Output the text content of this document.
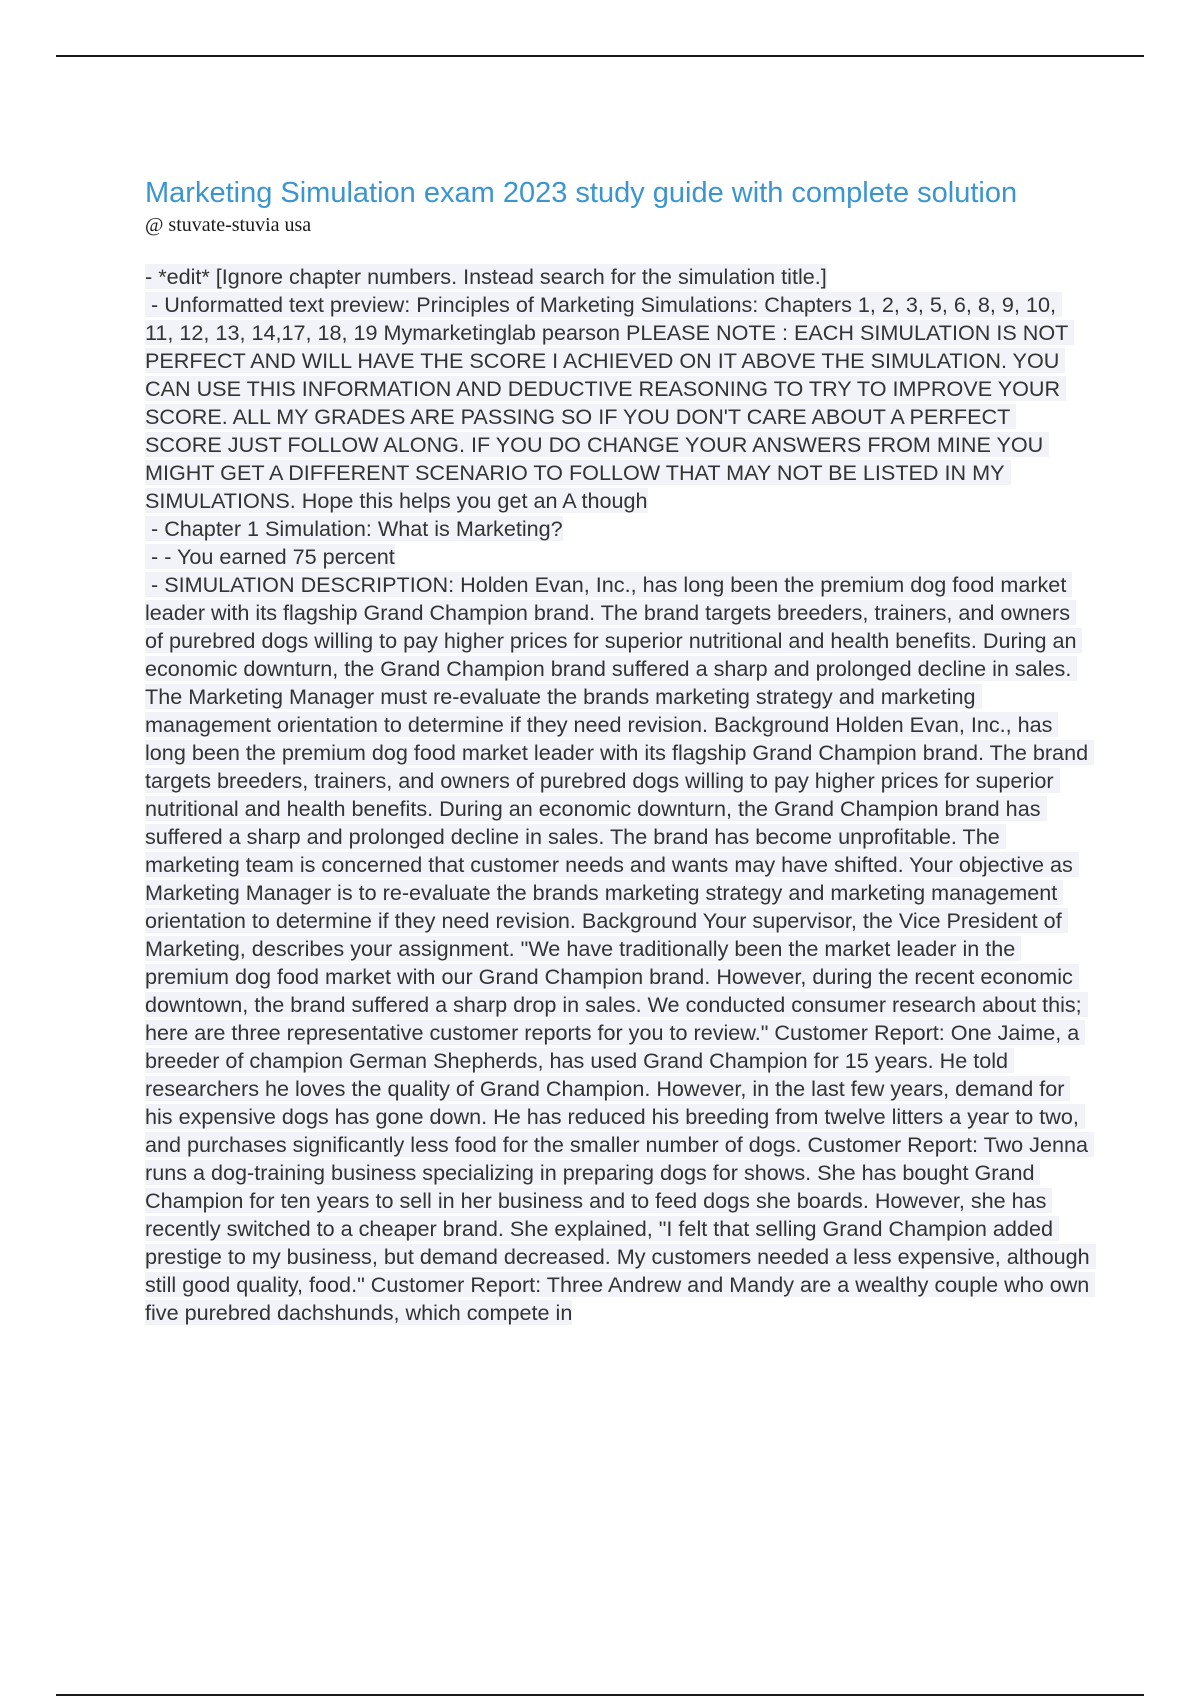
Marketing Simulation exam 2023 study guide with complete solution
@ stuvate-stuvia usa

- *edit* [Ignore chapter numbers. Instead search for the simulation title.]

- Unformatted text preview: Principles of Marketing Simulations: Chapters 1, 2, 3, 5, 6, 8, 9, 10, 11, 12, 13, 14,17, 18, 19 Mymarketinglab pearson PLEASE NOTE : EACH SIMULATION IS NOT PERFECT AND WILL HAVE THE SCORE I ACHIEVED ON IT ABOVE THE SIMULATION. YOU CAN USE THIS INFORMATION AND DEDUCTIVE REASONING TO TRY TO IMPROVE YOUR SCORE. ALL MY GRADES ARE PASSING SO IF YOU DON'T CARE ABOUT A PERFECT SCORE JUST FOLLOW ALONG. IF YOU DO CHANGE YOUR ANSWERS FROM MINE YOU MIGHT GET A DIFFERENT SCENARIO TO FOLLOW THAT MAY NOT BE LISTED IN MY SIMULATIONS. Hope this helps you get an A though

- Chapter 1 Simulation: What is Marketing?

- - You earned 75 percent

- SIMULATION DESCRIPTION: Holden Evan, Inc., has long been the premium dog food market leader with its flagship Grand Champion brand. The brand targets breeders, trainers, and owners of purebred dogs willing to pay higher prices for superior nutritional and health benefits. During an economic downturn, the Grand Champion brand suffered a sharp and prolonged decline in sales. The Marketing Manager must re-evaluate the brands marketing strategy and marketing management orientation to determine if they need revision. Background Holden Evan, Inc., has long been the premium dog food market leader with its flagship Grand Champion brand. The brand targets breeders, trainers, and owners of purebred dogs willing to pay higher prices for superior nutritional and health benefits. During an economic downturn, the Grand Champion brand has suffered a sharp and prolonged decline in sales. The brand has become unprofitable. The marketing team is concerned that customer needs and wants may have shifted. Your objective as Marketing Manager is to re-evaluate the brands marketing strategy and marketing management orientation to determine if they need revision. Background Your supervisor, the Vice President of Marketing, describes your assignment. "We have traditionally been the market leader in the premium dog food market with our Grand Champion brand. However, during the recent economic downtown, the brand suffered a sharp drop in sales. We conducted consumer research about this; here are three representative customer reports for you to review." Customer Report: One Jaime, a breeder of champion German Shepherds, has used Grand Champion for 15 years. He told researchers he loves the quality of Grand Champion. However, in the last few years, demand for his expensive dogs has gone down. He has reduced his breeding from twelve litters a year to two, and purchases significantly less food for the smaller number of dogs. Customer Report: Two Jenna runs a dog-training business specializing in preparing dogs for shows. She has bought Grand Champion for ten years to sell in her business and to feed dogs she boards. However, she has recently switched to a cheaper brand. She explained, "I felt that selling Grand Champion added prestige to my business, but demand decreased. My customers needed a less expensive, although still good quality, food." Customer Report: Three Andrew and Mandy are a wealthy couple who own five purebred dachshunds, which compete in
